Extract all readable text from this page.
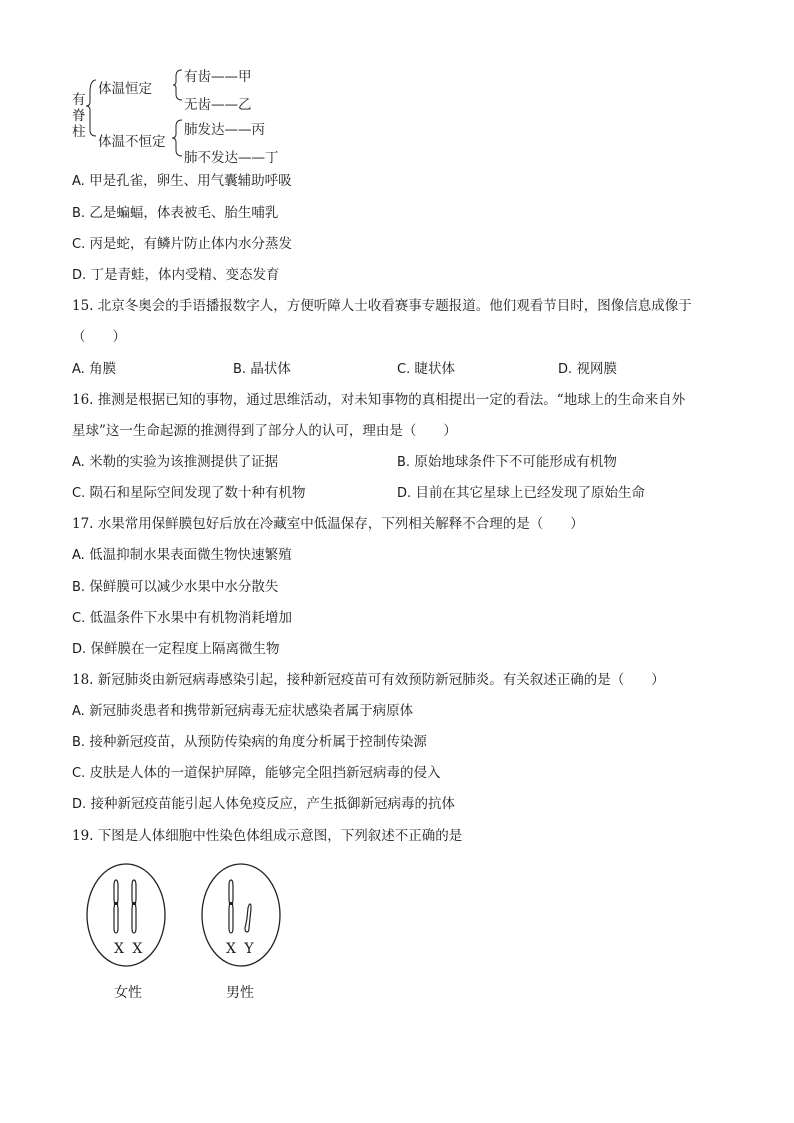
有
脊
柱
体温恒定
体温不恒定
有齿——甲
无齿——乙
肺发达——丙
肺不发达——丁
A. 甲是孔雀，卵生、用气囊辅助呼吸
B. 乙是蝙蝠，体表被毛、胎生哺乳
C. 丙是蛇，有鳞片防止体内水分蒸发
D. 丁是青蛙，体内受精、变态发育
15. 北京冬奥会的手语播报数字人，方便听障人士收看赛事专题报道。他们观看节目时，图像信息成像于
（　　）
A. 角膜	B. 晶状体	C. 睫状体	D. 视网膜
16. 推测是根据已知的事物，通过思维活动，对未知事物的真相提出一定的看法。“地球上的生命来自外
星球”这一生命起源的推测得到了部分人的认可，理由是（　　）
A. 米勒的实验为该推测提供了证据	B. 原始地球条件下不可能形成有机物
C. 陨石和星际空间发现了数十种有机物	D. 目前在其它星球上已经发现了原始生命
17. 水果常用保鲜膜包好后放在冷藏室中低温保存，下列相关解释不合理的是（　　）
A. 低温抑制水果表面微生物快速繁殖
B. 保鲜膜可以减少水果中水分散失
C. 低温条件下水果中有机物消耗增加
D. 保鲜膜在一定程度上隔离微生物
18. 新冠肺炎由新冠病毒感染引起，接种新冠疫苗可有效预防新冠肺炎。有关叙述正确的是（　　）
A. 新冠肺炎患者和携带新冠病毒无症状感染者属于病原体
B. 接种新冠疫苗，从预防传染病的角度分析属于控制传染源
C. 皮肤是人体的一道保护屏障，能够完全阻挡新冠病毒的侵入
D. 接种新冠疫苗能引起人体免疫反应，产生抵御新冠病毒的抗体
19. 下图是人体细胞中性染色体组成示意图，下列叙述不正确的是
X X	X Y
女性	男性
